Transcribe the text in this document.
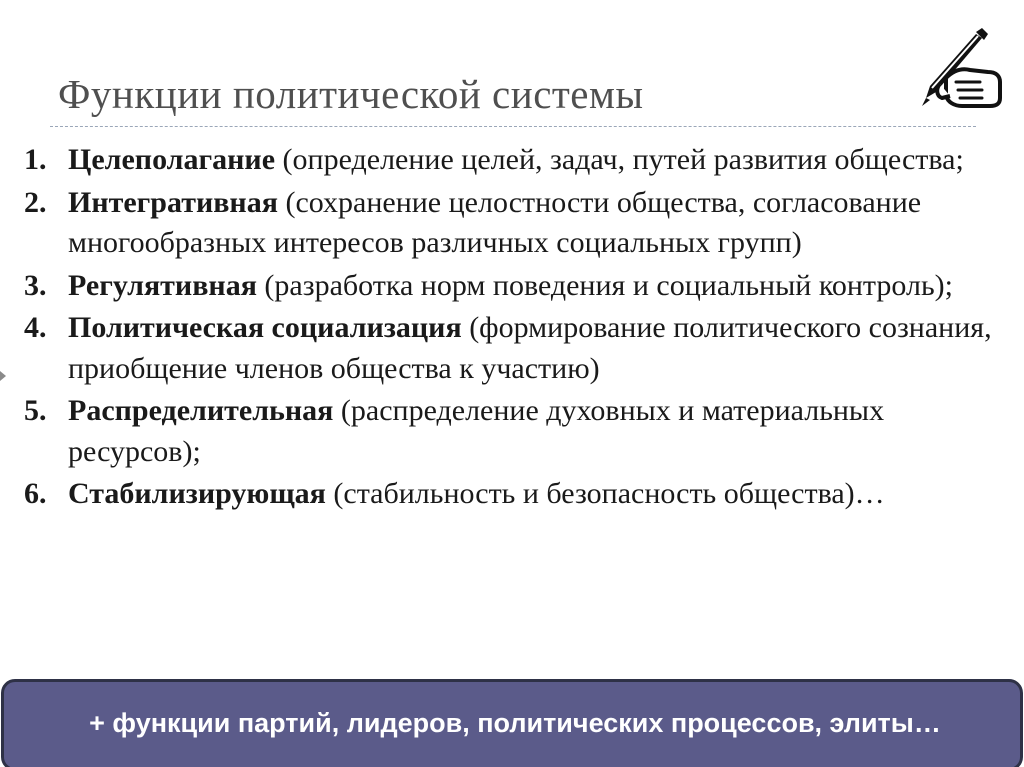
Функции политической системы
1. Целеполагание (определение целей, задач, путей развития общества;
2. Интегративная (сохранение целостности общества, согласование многообразных интересов различных социальных групп)
3. Регулятивная (разработка норм поведения и социальный контроль);
4. Политическая социализация (формирование политического сознания, приобщение членов общества к участию)
5. Распределительная (распределение духовных и материальных ресурсов);
6. Стабилизирующая (стабильность и безопасность общества)…
+ функции партий, лидеров, политических процессов, элиты…
